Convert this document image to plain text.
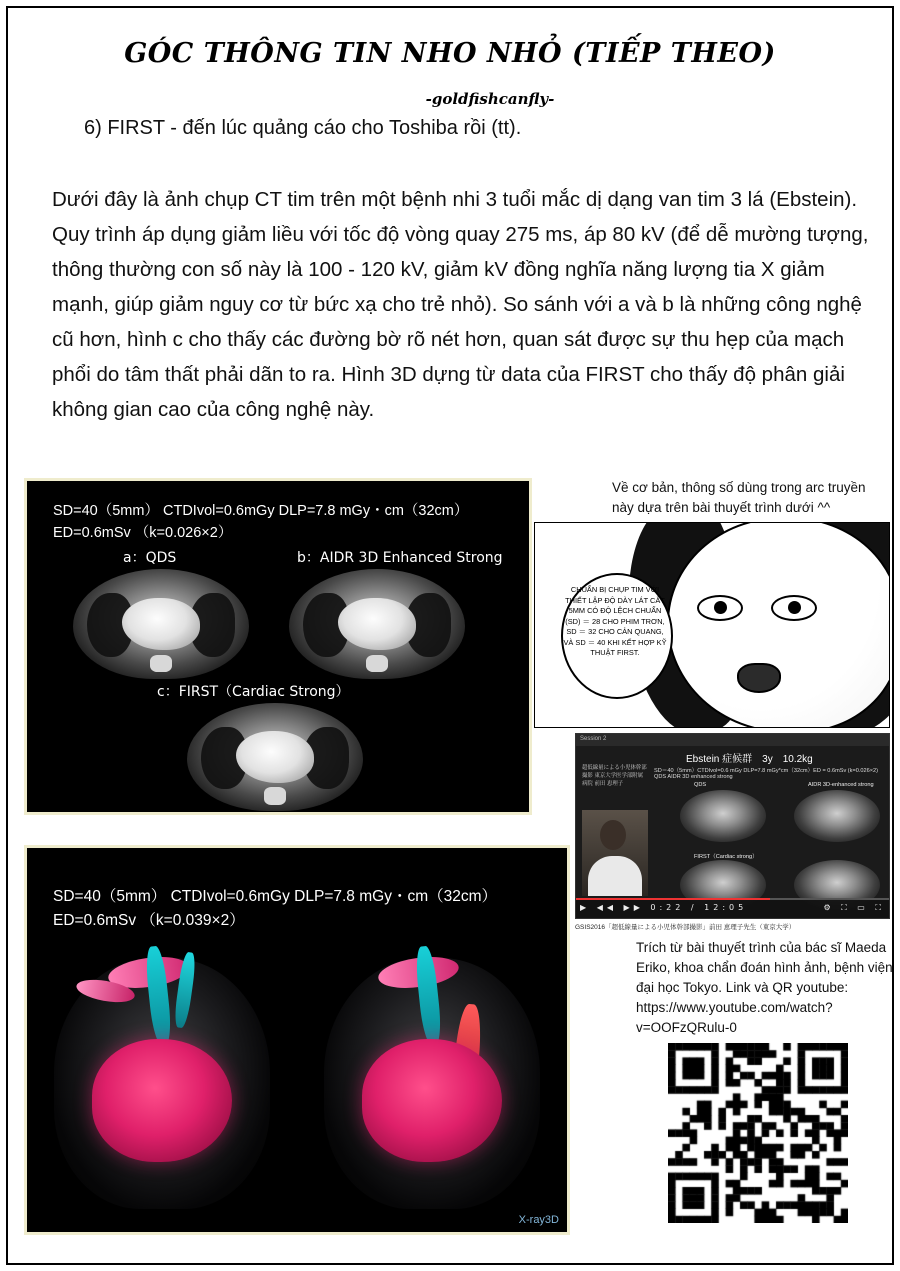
GÓC THÔNG TIN NHO NHỎ (TIẾP THEO)
-goldfishcanfly-
6) FIRST - đến lúc quảng cáo cho Toshiba rồi (tt).
Dưới đây là ảnh chụp CT tim trên một bệnh nhi 3 tuổi mắc dị dạng van tim 3 lá (Ebstein). Quy trình áp dụng giảm liều với tốc độ vòng quay 275 ms, áp 80 kV (để dễ mường tượng, thông thường con số này là 100 - 120 kV, giảm kV đồng nghĩa năng lượng tia X giảm mạnh, giúp giảm nguy cơ từ bức xạ cho trẻ nhỏ). So sánh với a và b là những công nghệ cũ hơn, hình c cho thấy các đường bờ rõ nét hơn, quan sát được sự thu hẹp của mạch phổi do tâm thất phải dãn to ra. Hình 3D dựng từ data của FIRST cho thấy độ phân giải không gian cao của công nghệ này.
SD=40（5mm） CTDIvol=0.6mGy DLP=7.8 mGy・cm（32cm）
ED=0.6mSv （k=0.026×2）
a：QDS	b：AIDR 3D Enhanced Strong
c：FIRST（Cardiac Strong）
SD=40（5mm） CTDIvol=0.6mGy DLP=7.8 mGy・cm（32cm）
ED=0.6mSv （k=0.039×2）
X-ray3D
Về cơ bản, thông số dùng trong arc truyền này dựa trên bài thuyết trình dưới ^^
CHUẨN BỊ CHỤP TIM VỚI THIẾT LẬP ĐỘ DÀY LÁT CẮT 5MM CÓ ĐỘ LỆCH CHUẨN (SD) ＝ 28 CHO PHIM TRƠN, SD ＝ 32 CHO CẢN QUANG, VÀ SD ＝ 40 KHI KẾT HỢP KỸ THUẬT FIRST.
Session 2
Ebstein 症候群　3y　10.2kg
SD＝40（5mm）CTDIvol=0.6 mGy DLP=7.8 mGy*cm（32cm）ED = 0.6mSv (k=0.026×2)
QDS AIDR 3D enhanced strong
超低線量による小児体幹部撮影 東京大学医学部附属病院 前田 恵理子	QDS	AIDR 3D-enhanced strong
FIRST（Cardiac strong）
▶ ◀◀ ▶▶ 0:22 / 12:05	⚙ ⛶ ▭ ⛶
GSIS2016「超低線量による小児体幹部撮影」前田 恵理子先生（東京大学）
Trích từ bài thuyết trình của bác sĩ Maeda Eriko, khoa chẩn đoán hình ảnh, bệnh viện đại học Tokyo. Link và QR youtube: https://www.youtube.com/watch?v=OOFzQRulu-0
